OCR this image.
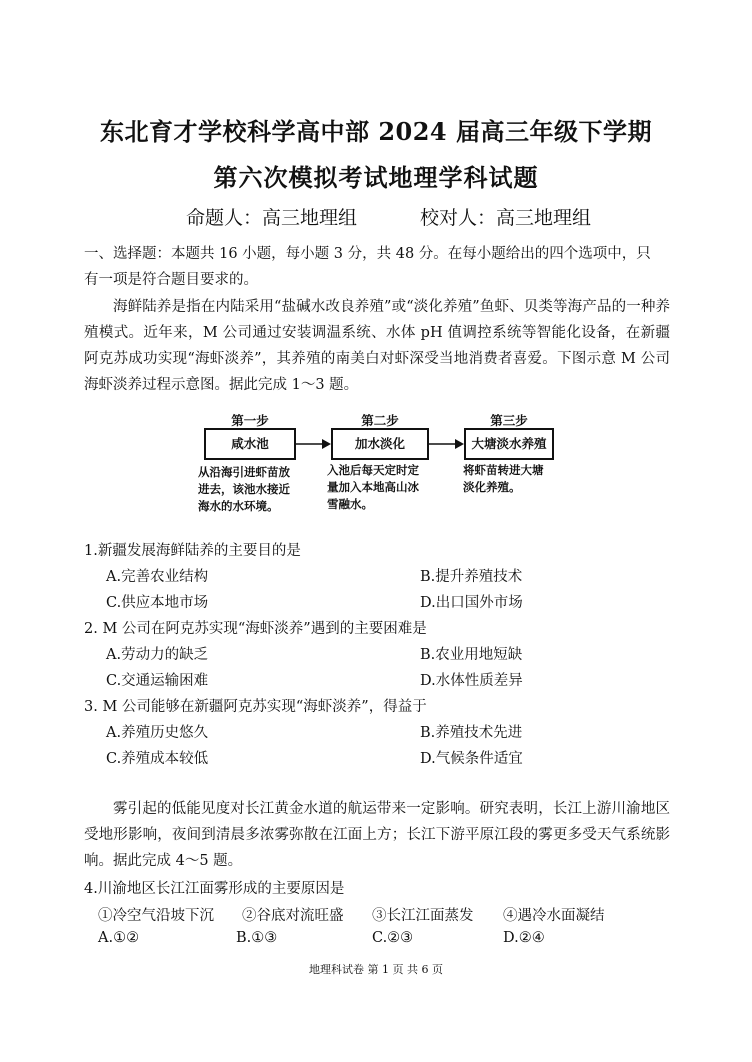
东北育才学校科学高中部 2024 届高三年级下学期
第六次模拟考试地理学科试题
命题人：高三地理组	校对人：高三地理组
一、选择题：本题共 16 小题，每小题 3 分，共 48 分。在每小题给出的四个选项中，只
有一项是符合题目要求的。
海鲜陆养是指在内陆采用“盐碱水改良养殖”或“淡化养殖”鱼虾、贝类等海产品的一种养殖模式。近年来，M 公司通过安装调温系统、水体 pH 值调控系统等智能化设备，在新疆阿克苏成功实现“海虾淡养”，其养殖的南美白对虾深受当地消费者喜爱。下图示意 M 公司海虾淡养过程示意图。据此完成 1～3 题。
第一步
咸水池
从沿海引进虾苗放
进去，该池水接近
海水的水环境。
第二步
加水淡化
入池后每天定时定
量加入本地高山冰
雪融水。
第三步
大塘淡水养殖
将虾苗转进大塘
淡化养殖。
1.新疆发展海鲜陆养的主要目的是
A.完善农业结构	B.提升养殖技术
C.供应本地市场	D.出口国外市场
2. M 公司在阿克苏实现“海虾淡养”遇到的主要困难是
A.劳动力的缺乏	B.农业用地短缺
C.交通运输困难	D.水体性质差异
3. M 公司能够在新疆阿克苏实现“海虾淡养”，得益于
A.养殖历史悠久	B.养殖技术先进
C.养殖成本较低	D.气候条件适宜
雾引起的低能见度对长江黄金水道的航运带来一定影响。研究表明，长江上游川渝地区受地形影响，夜间到清晨多浓雾弥散在江面上方；长江下游平原江段的雾更多受天气系统影响。据此完成 4～5 题。
4.川渝地区长江江面雾形成的主要原因是
①冷空气沿坡下沉 ②谷底对流旺盛 ③长江江面蒸发 ④遇冷水面凝结
A.①②	B.①③	C.②③	D.②④
地理科试卷 第 1 页 共 6 页
